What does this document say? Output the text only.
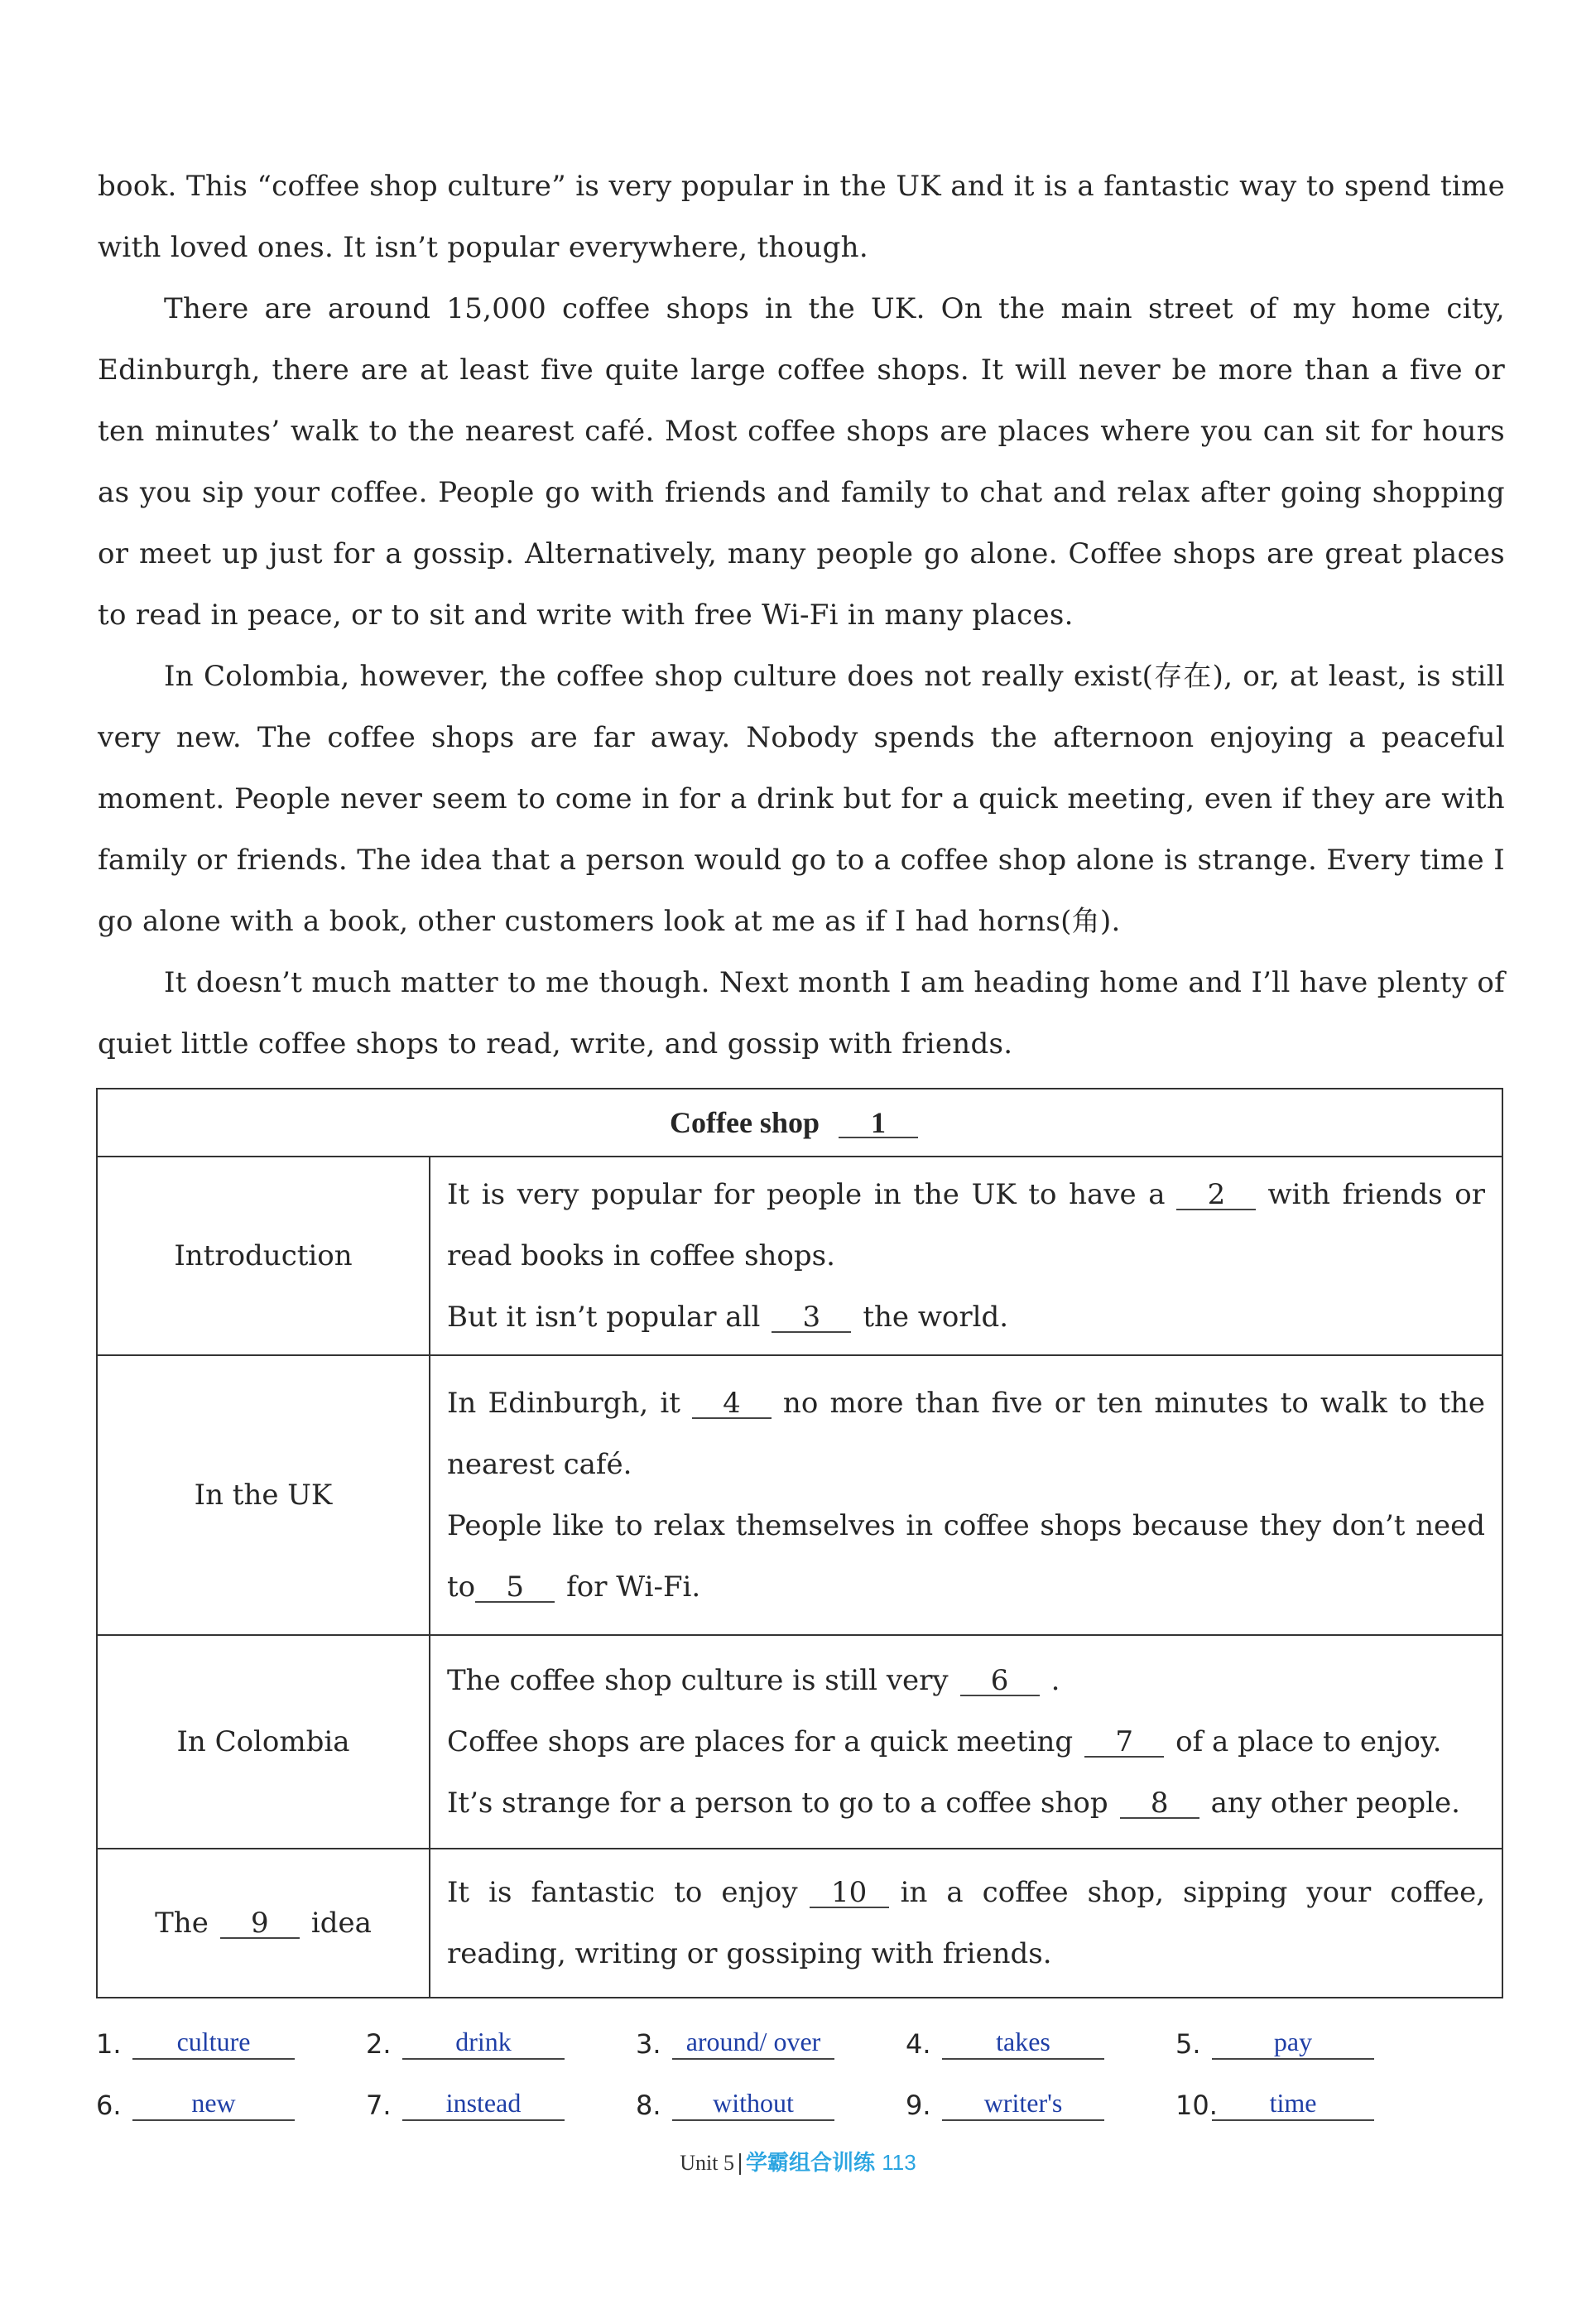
book. This “coffee shop culture” is very popular in the UK and it is a fantastic way to spend time with loved ones. It isn’t popular everywhere, though.

There are around 15,000 coffee shops in the UK. On the main street of my home city, Edinburgh, there are at least five quite large coffee shops. It will never be more than a five or ten minutes’ walk to the nearest café. Most coffee shops are places where you can sit for hours as you sip your coffee. People go with friends and family to chat and relax after going shopping or meet up just for a gossip. Alternatively, many people go alone. Coffee shops are great places to read in peace, or to sit and write with free Wi-Fi in many places.

In Colombia, however, the coffee shop culture does not really exist(存在), or, at least, is still very new. The coffee shops are far away. Nobody spends the afternoon enjoying a peaceful moment. People never seem to come in for a drink but for a quick meeting, even if they are with family or friends. The idea that a person would go to a coffee shop alone is strange. Every time I go alone with a book, other customers look at me as if I had horns(角).

It doesn’t much matter to me though. Next month I am heading home and I’ll have plenty of quiet little coffee shops to read, write, and gossip with friends.

Coffee shop 1	
Introduction	It is very popular for people in the UK to have a 2 with friends or read books in coffee shops.
But it isn’t popular all 3 the world.
In the UK	In Edinburgh, it 4 no more than five or ten minutes to walk to the nearest café.
People like to relax themselves in coffee shops because they don’t need to 5 for Wi-Fi.
In Colombia	The coffee shop culture is still very 6 .
Coffee shops are places for a quick meeting 7 of a place to enjoy.
It’s strange for a person to go to a coffee shop 8 any other people.
The 9 idea	It is fantastic to enjoy 10 in a coffee shop, sipping your coffee, reading, writing or gossiping with friends.
1.	culture	2.	drink	3. around/ over	4.	takes	5.	pay
6.	new	7.	instead	8.	without	9.	writer's	10.	time
Unit 5 学霸组合训练 113
